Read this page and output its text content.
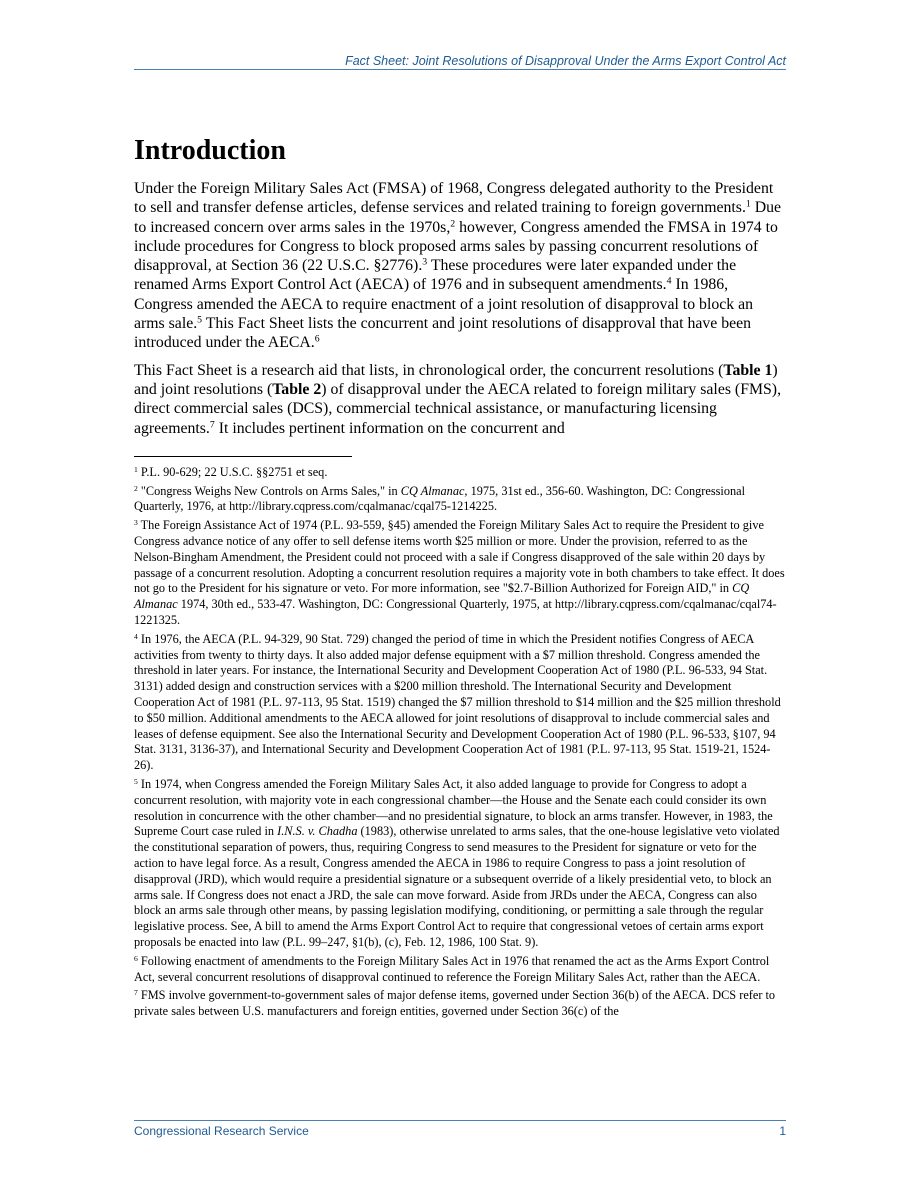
Fact Sheet: Joint Resolutions of Disapproval Under the Arms Export Control Act
Introduction

Under the Foreign Military Sales Act (FMSA) of 1968, Congress delegated authority to the President to sell and transfer defense articles, defense services and related training to foreign governments.$^1$ Due to increased concern over arms sales in the 1970s,$^2$ however, Congress amended the FMSA in 1974 to include procedures for Congress to block proposed arms sales by passing concurrent resolutions of disapproval, at Section 36 (22 U.S.C. §2776).$^3$ These procedures were later expanded under the renamed Arms Export Control Act (AECA) of 1976 and in subsequent amendments.$^4$ In 1986, Congress amended the AECA to require enactment of a joint resolution of disapproval to block an arms sale.$^5$ This Fact Sheet lists the concurrent and joint resolutions of disapproval that have been introduced under the AECA.$^6$

This Fact Sheet is a research aid that lists, in chronological order, the concurrent resolutions (Table 1) and joint resolutions (Table 2) of disapproval under the AECA related to foreign military sales (FMS), direct commercial sales (DCS), commercial technical assistance, or manufacturing licensing agreements.$^7$ It includes pertinent information on the concurrent and

$^1$ P.L. 90-629; 22 U.S.C. §§2751 et seq.

$^2$ "Congress Weighs New Controls on Arms Sales," in CQ Almanac, 1975, 31st ed., 356-60. Washington, DC: Congressional Quarterly, 1976, at http://library.cqpress.com/cqalmanac/cqal75-1214225.

$^3$ The Foreign Assistance Act of 1974 (P.L. 93-559, §45) amended the Foreign Military Sales Act to require the President to give Congress advance notice of any offer to sell defense items worth $25 million or more. Under the provision, referred to as the Nelson-Bingham Amendment, the President could not proceed with a sale if Congress disapproved of the sale within 20 days by passage of a concurrent resolution. Adopting a concurrent resolution requires a majority vote in both chambers to take effect. It does not go to the President for his signature or veto. For more information, see "$2.7-Billion Authorized for Foreign AID," in CQ Almanac 1974, 30th ed., 533-47. Washington, DC: Congressional Quarterly, 1975, at http://library.cqpress.com/cqalmanac/cqal74-1221325.

$^4$ In 1976, the AECA (P.L. 94-329, 90 Stat. 729) changed the period of time in which the President notifies Congress of AECA activities from twenty to thirty days. It also added major defense equipment with a $7 million threshold. Congress amended the threshold in later years. For instance, the International Security and Development Cooperation Act of 1980 (P.L. 96-533, 94 Stat. 3131) added design and construction services with a $200 million threshold. The International Security and Development Cooperation Act of 1981 (P.L. 97-113, 95 Stat. 1519) changed the $7 million threshold to $14 million and the $25 million threshold to $50 million. Additional amendments to the AECA allowed for joint resolutions of disapproval to include commercial sales and leases of defense equipment. See also the International Security and Development Cooperation Act of 1980 (P.L. 96-533, §107, 94 Stat. 3131, 3136-37), and International Security and Development Cooperation Act of 1981 (P.L. 97-113, 95 Stat. 1519-21, 1524-26).

$^5$ In 1974, when Congress amended the Foreign Military Sales Act, it also added language to provide for Congress to adopt a concurrent resolution, with majority vote in each congressional chamber—the House and the Senate each could consider its own resolution in concurrence with the other chamber—and no presidential signature, to block an arms transfer. However, in 1983, the Supreme Court case ruled in I.N.S. v. Chadha (1983), otherwise unrelated to arms sales, that the one-house legislative veto violated the constitutional separation of powers, thus, requiring Congress to send measures to the President for signature or veto for the action to have legal force. As a result, Congress amended the AECA in 1986 to require Congress to pass a joint resolution of disapproval (JRD), which would require a presidential signature or a subsequent override of a likely presidential veto, to block an arms sale. If Congress does not enact a JRD, the sale can move forward. Aside from JRDs under the AECA, Congress can also block an arms sale through other means, by passing legislation modifying, conditioning, or permitting a sale through the regular legislative process. See, A bill to amend the Arms Export Control Act to require that congressional vetoes of certain arms export proposals be enacted into law (P.L. 99–247, §1(b), (c), Feb. 12, 1986, 100 Stat. 9).

$^6$ Following enactment of amendments to the Foreign Military Sales Act in 1976 that renamed the act as the Arms Export Control Act, several concurrent resolutions of disapproval continued to reference the Foreign Military Sales Act, rather than the AECA.

$^7$ FMS involve government-to-government sales of major defense items, governed under Section 36(b) of the AECA. DCS refer to private sales between U.S. manufacturers and foreign entities, governed under Section 36(c) of the

Congressional Research Service	1
